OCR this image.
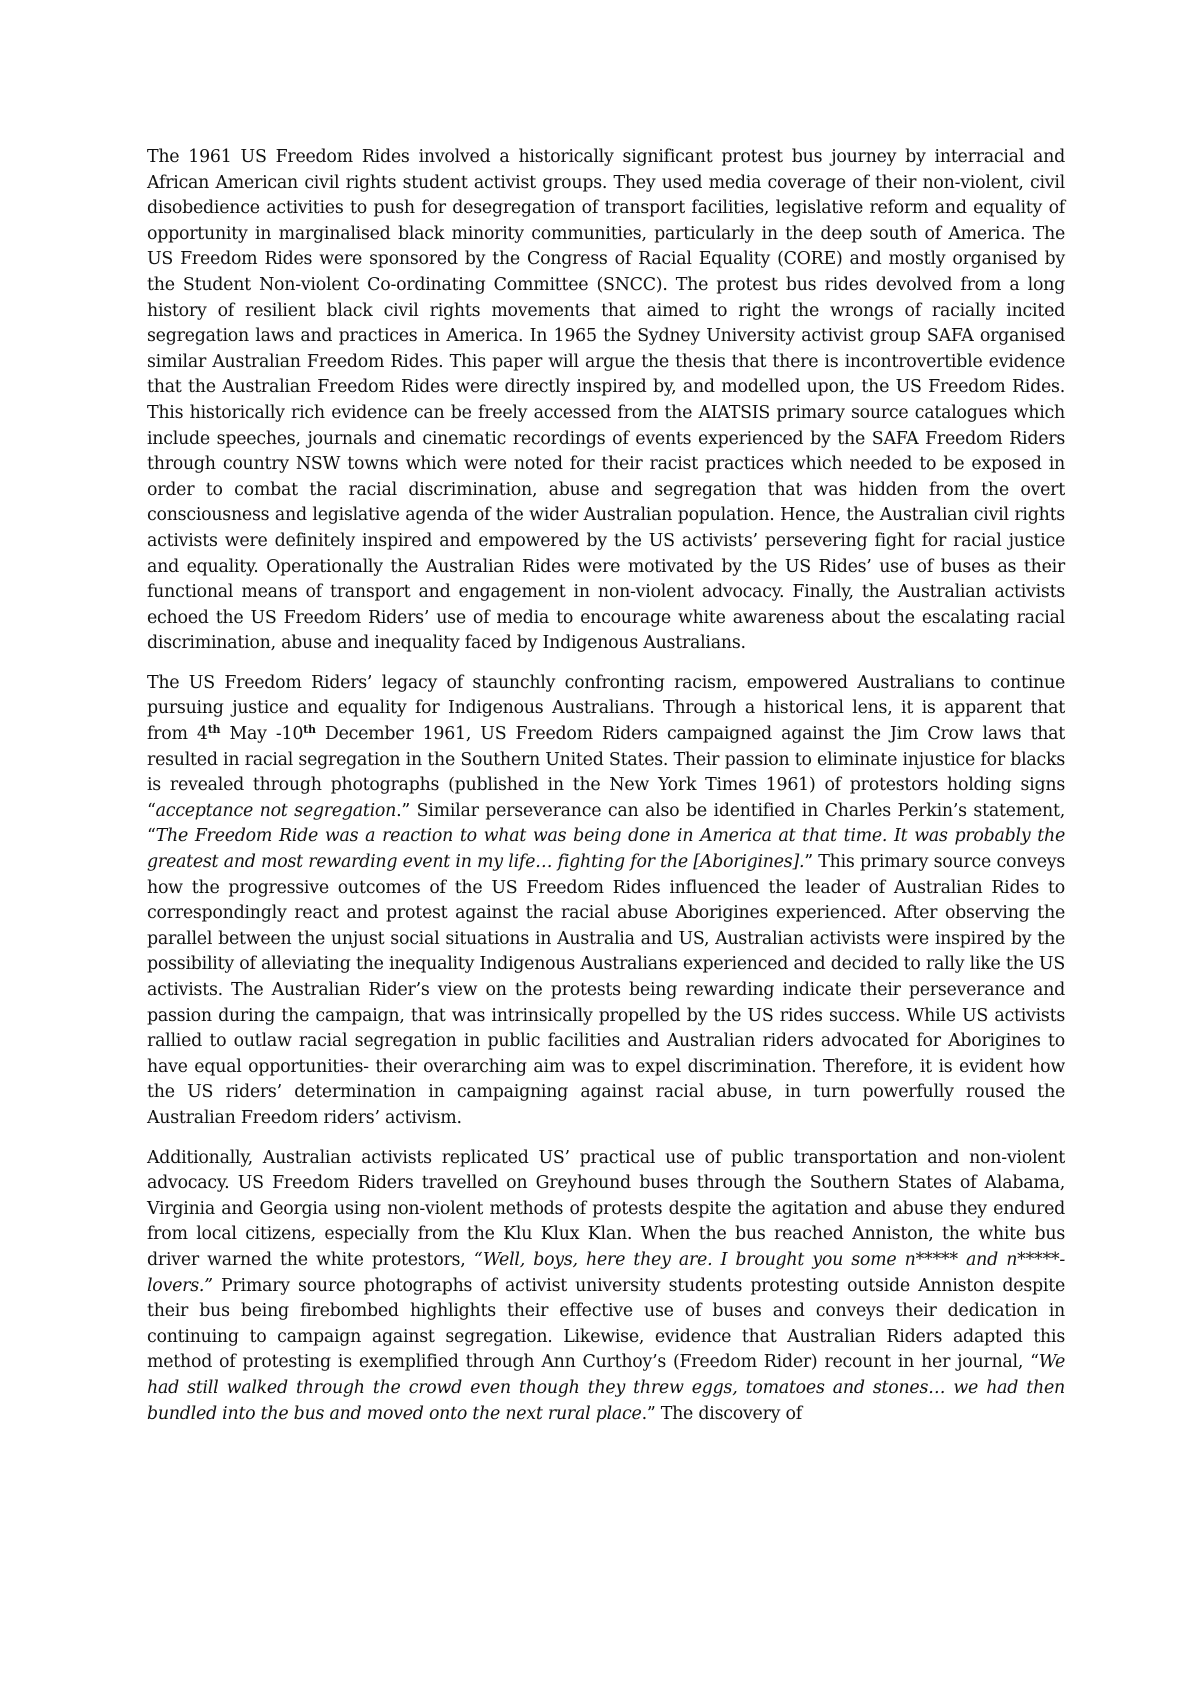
The 1961 US Freedom Rides involved a historically significant protest bus journey by interracial and African American civil rights student activist groups. They used media coverage of their non-violent, civil disobedience activities to push for desegregation of transport facilities, legislative reform and equality of opportunity in marginalised black minority communities, particularly in the deep south of America. The US Freedom Rides were sponsored by the Congress of Racial Equality (CORE) and mostly organised by the Student Non-violent Co-ordinating Committee (SNCC). The protest bus rides devolved from a long history of resilient black civil rights movements that aimed to right the wrongs of racially incited segregation laws and practices in America. In 1965 the Sydney University activist group SAFA organised similar Australian Freedom Rides. This paper will argue the thesis that there is incontrovertible evidence that the Australian Freedom Rides were directly inspired by, and modelled upon, the US Freedom Rides. This historically rich evidence can be freely accessed from the AIATSIS primary source catalogues which include speeches, journals and cinematic recordings of events experienced by the SAFA Freedom Riders through country NSW towns which were noted for their racist practices which needed to be exposed in order to combat the racial discrimination, abuse and segregation that was hidden from the overt consciousness and legislative agenda of the wider Australian population. Hence, the Australian civil rights activists were definitely inspired and empowered by the US activists’ persevering fight for racial justice and equality. Operationally the Australian Rides were motivated by the US Rides’ use of buses as their functional means of transport and engagement in non-violent advocacy. Finally, the Australian activists echoed the US Freedom Riders’ use of media to encourage white awareness about the escalating racial discrimination, abuse and inequality faced by Indigenous Australians.

The US Freedom Riders’ legacy of staunchly confronting racism, empowered Australians to continue pursuing justice and equality for Indigenous Australians. Through a historical lens, it is apparent that from 4th May -10th December 1961, US Freedom Riders campaigned against the Jim Crow laws that resulted in racial segregation in the Southern United States. Their passion to eliminate injustice for blacks is revealed through photographs (published in the New York Times 1961) of protestors holding signs “acceptance not segregation.” Similar perseverance can also be identified in Charles Perkin’s statement, “The Freedom Ride was a reaction to what was being done in America at that time. It was probably the greatest and most rewarding event in my life… fighting for the [Aborigines].” This primary source conveys how the progressive outcomes of the US Freedom Rides influenced the leader of Australian Rides to correspondingly react and protest against the racial abuse Aborigines experienced. After observing the parallel between the unjust social situations in Australia and US, Australian activists were inspired by the possibility of alleviating the inequality Indigenous Australians experienced and decided to rally like the US activists. The Australian Rider’s view on the protests being rewarding indicate their perseverance and passion during the campaign, that was intrinsically propelled by the US rides success. While US activists rallied to outlaw racial segregation in public facilities and Australian riders advocated for Aborigines to have equal opportunities- their overarching aim was to expel discrimination. Therefore, it is evident how the US riders’ determination in campaigning against racial abuse, in turn powerfully roused the Australian Freedom riders’ activism.

Additionally, Australian activists replicated US’ practical use of public transportation and non-violent advocacy. US Freedom Riders travelled on Greyhound buses through the Southern States of Alabama, Virginia and Georgia using non-violent methods of protests despite the agitation and abuse they endured from local citizens, especially from the Klu Klux Klan. When the bus reached Anniston, the white bus driver warned the white protestors, “Well, boys, here they are. I brought you some n***** and n*****-lovers.” Primary source photographs of activist university students protesting outside Anniston despite their bus being firebombed highlights their effective use of buses and conveys their dedication in continuing to campaign against segregation. Likewise, evidence that Australian Riders adapted this method of protesting is exemplified through Ann Curthoy’s (Freedom Rider) recount in her journal, “We had still walked through the crowd even though they threw eggs, tomatoes and stones… we had then bundled into the bus and moved onto the next rural place.” The discovery of
